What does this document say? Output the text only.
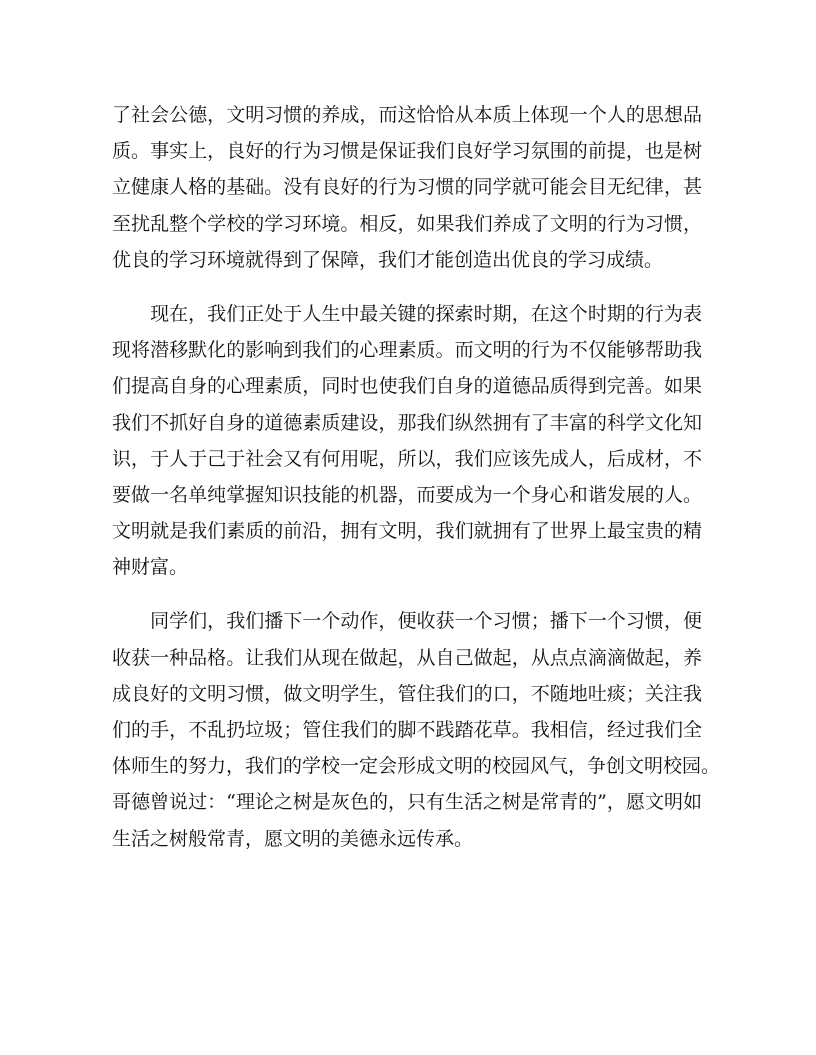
了社会公德，文明习惯的养成，而这恰恰从本质上体现一个人的思想品
质。事实上，良好的行为习惯是保证我们良好学习氛围的前提，也是树
立健康人格的基础。没有良好的行为习惯的同学就可能会目无纪律，甚
至扰乱整个学校的学习环境。相反，如果我们养成了文明的行为习惯，
优良的学习环境就得到了保障，我们才能创造出优良的学习成绩。

　　现在，我们正处于人生中最关键的探索时期，在这个时期的行为表
现将潜移默化的影响到我们的心理素质。而文明的行为不仅能够帮助我
们提高自身的心理素质，同时也使我们自身的道德品质得到完善。如果
我们不抓好自身的道德素质建设，那我们纵然拥有了丰富的科学文化知
识，于人于己于社会又有何用呢，所以，我们应该先成人，后成材，不
要做一名单纯掌握知识技能的机器，而要成为一个身心和谐发展的人。
文明就是我们素质的前沿，拥有文明，我们就拥有了世界上最宝贵的精
神财富。

　　同学们，我们播下一个动作，便收获一个习惯；播下一个习惯，便
收获一种品格。让我们从现在做起，从自己做起，从点点滴滴做起，养
成良好的文明习惯，做文明学生，管住我们的口，不随地吐痰；关注我
们的手，不乱扔垃圾；管住我们的脚不践踏花草。我相信，经过我们全
体师生的努力，我们的学校一定会形成文明的校园风气，争创文明校园。
哥德曾说过：“理论之树是灰色的，只有生活之树是常青的”，愿文明如
生活之树般常青，愿文明的美德永远传承。
